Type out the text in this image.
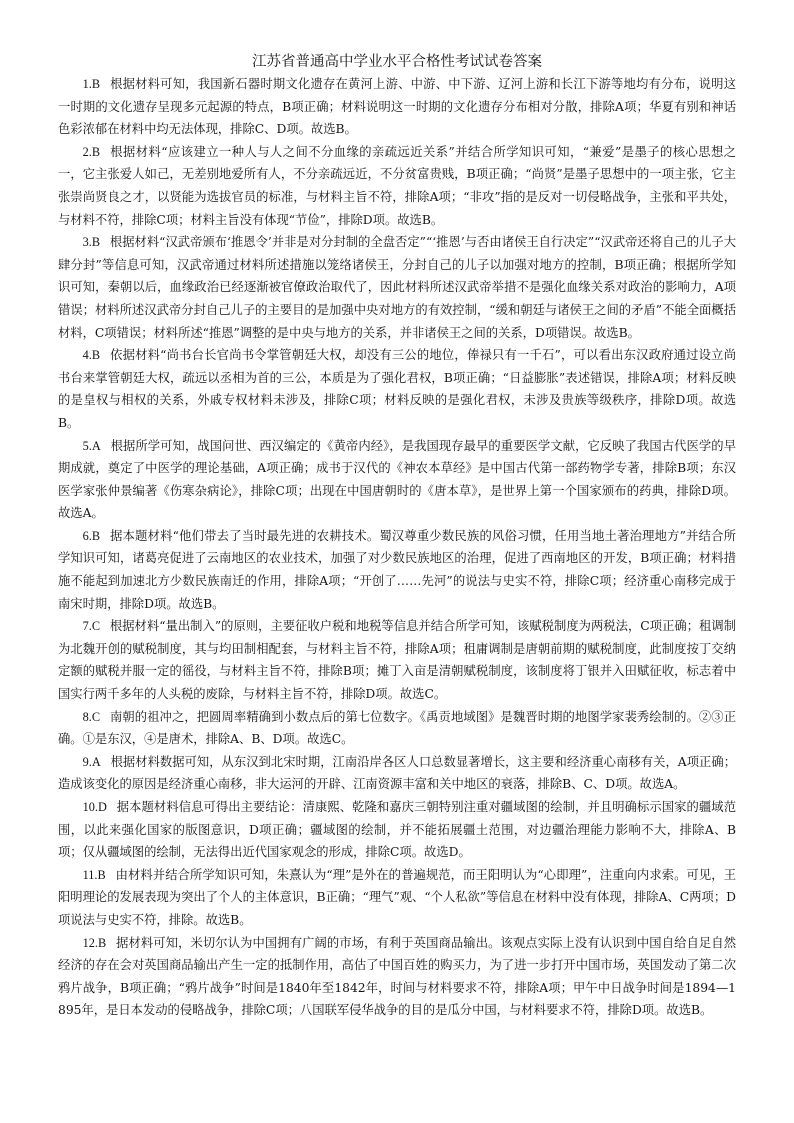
江苏省普通高中学业水平合格性考试试卷答案

1.B 根据材料可知，我国新石器时期文化遗存在黄河上游、中游、中下游、辽河上游和长江下游等地均有分布，说明这一时期的文化遗存呈现多元起源的特点，B项正确；材料说明这一时期的文化遗存分布相对分散，排除A项；华夏有别和神话色彩浓郁在材料中均无法体现，排除C、D项。故选B。

2.B 根据材料“应该建立一种人与人之间不分血缘的亲疏远近关系”并结合所学知识可知，“兼爱”是墨子的核心思想之一，它主张爱人如己，无差别地爱所有人，不分亲疏远近，不分贫富贵贱，B项正确；“尚贤”是墨子思想中的一项主张，它主张崇尚贤良之才，以贤能为选拔官员的标准，与材料主旨不符，排除A项；“非攻”指的是反对一切侵略战争，主张和平共处，与材料不符，排除C项；材料主旨没有体现“节俭”，排除D项。故选B。

3.B 根据材料“汉武帝颁布‘推恩令’并非是对分封制的全盘否定”“‘推恩’与否由诸侯王自行决定”“汉武帝还将自己的儿子大肆分封”等信息可知，汉武帝通过材料所述措施以笼络诸侯王，分封自己的儿子以加强对地方的控制，B项正确；根据所学知识可知，秦朝以后，血缘政治已经逐渐被官僚政治取代了，因此材料所述汉武帝举措不是强化血缘关系对政治的影响力，A项错误；材料所述汉武帝分封自己儿子的主要目的是加强中央对地方的有效控制，“缓和朝廷与诸侯王之间的矛盾”不能全面概括材料，C项错误；材料所述“推恩”调整的是中央与地方的关系，并非诸侯王之间的关系，D项错误。故选B。

4.B 依据材料“尚书台长官尚书令掌管朝廷大权，却没有三公的地位，俸禄只有一千石”，可以看出东汉政府通过设立尚书台来掌管朝廷大权，疏远以丞相为首的三公，本质是为了强化君权，B项正确；“日益膨胀”表述错误，排除A项；材料反映的是皇权与相权的关系，外戚专权材料未涉及，排除C项；材料反映的是强化君权，未涉及贵族等级秩序，排除D项。故选B。

5.A 根据所学可知，战国问世、西汉编定的《黄帝内经》，是我国现存最早的重要医学文献，它反映了我国古代医学的早期成就，奠定了中医学的理论基础，A项正确；成书于汉代的《神农本草经》是中国古代第一部药物学专著，排除B项；东汉医学家张仲景编著《伤寒杂病论》，排除C项；出现在中国唐朝时的《唐本草》，是世界上第一个国家颁布的药典，排除D项。故选A。

6.B 据本题材料“他们带去了当时最先进的农耕技术。蜀汉尊重少数民族的风俗习惯，任用当地土著治理地方”并结合所学知识可知，诸葛亮促进了云南地区的农业技术，加强了对少数民族地区的治理，促进了西南地区的开发，B项正确；材料措施不能起到加速北方少数民族南迁的作用，排除A项；“开创了……先河”的说法与史实不符，排除C项；经济重心南移完成于南宋时期，排除D项。故选B。

7.C 根据材料“量出制入”的原则，主要征收户税和地税等信息并结合所学可知，该赋税制度为两税法，C项正确；租调制为北魏开创的赋税制度，其与均田制相配套，与材料主旨不符，排除A项；租庸调制是唐朝前期的赋税制度，此制度按丁交纳定额的赋税并服一定的徭役，与材料主旨不符，排除B项；摊丁入亩是清朝赋税制度，该制度将丁银并入田赋征收，标志着中国实行两千多年的人头税的废除，与材料主旨不符，排除D项。故选C。

8.C 南朝的祖冲之，把圆周率精确到小数点后的第七位数字。《禹贡地域图》是魏晋时期的地图学家裴秀绘制的。②③正确。①是东汉，④是唐术，排除A、B、D项。故选C。

9.A 根据材料数据可知，从东汉到北宋时期，江南沿岸各区人口总数显著增长，这主要和经济重心南移有关，A项正确；造成该变化的原因是经济重心南移，非大运河的开辟、江南资源丰富和关中地区的衰落，排除B、C、D项。故选A。

10.D 据本题材料信息可得出主要结论：清康熙、乾隆和嘉庆三朝特别注重对疆域图的绘制，并且明确标示国家的疆域范围，以此来强化国家的版图意识，D项正确；疆域图的绘制，并不能拓展疆土范围，对边疆治理能力影响不大，排除A、B项；仅从疆域图的绘制，无法得出近代国家观念的形成，排除C项。故选D。

11.B 由材料并结合所学知识可知，朱熹认为“理”是外在的普遍规范，而王阳明认为“心即理”，注重向内求索。可见，王阳明理论的发展表现为突出了个人的主体意识，B正确；“理气”观、“个人私欲”等信息在材料中没有体现，排除A、C两项；D项说法与史实不符，排除。故选B。

12.B 据材料可知，米切尔认为中国拥有广阔的市场，有利于英国商品输出。该观点实际上没有认识到中国自给自足自然经济的存在会对英国商品输出产生一定的抵制作用，高估了中国百姓的购买力，为了进一步打开中国市场，英国发动了第二次鸦片战争，B项正确；“鸦片战争”时间是1840年至1842年，时间与材料要求不符，排除A项；甲午中日战争时间是1894—1895年，是日本发动的侵略战争，排除C项；八国联军侵华战争的目的是瓜分中国，与材料要求不符，排除D项。故选B。
